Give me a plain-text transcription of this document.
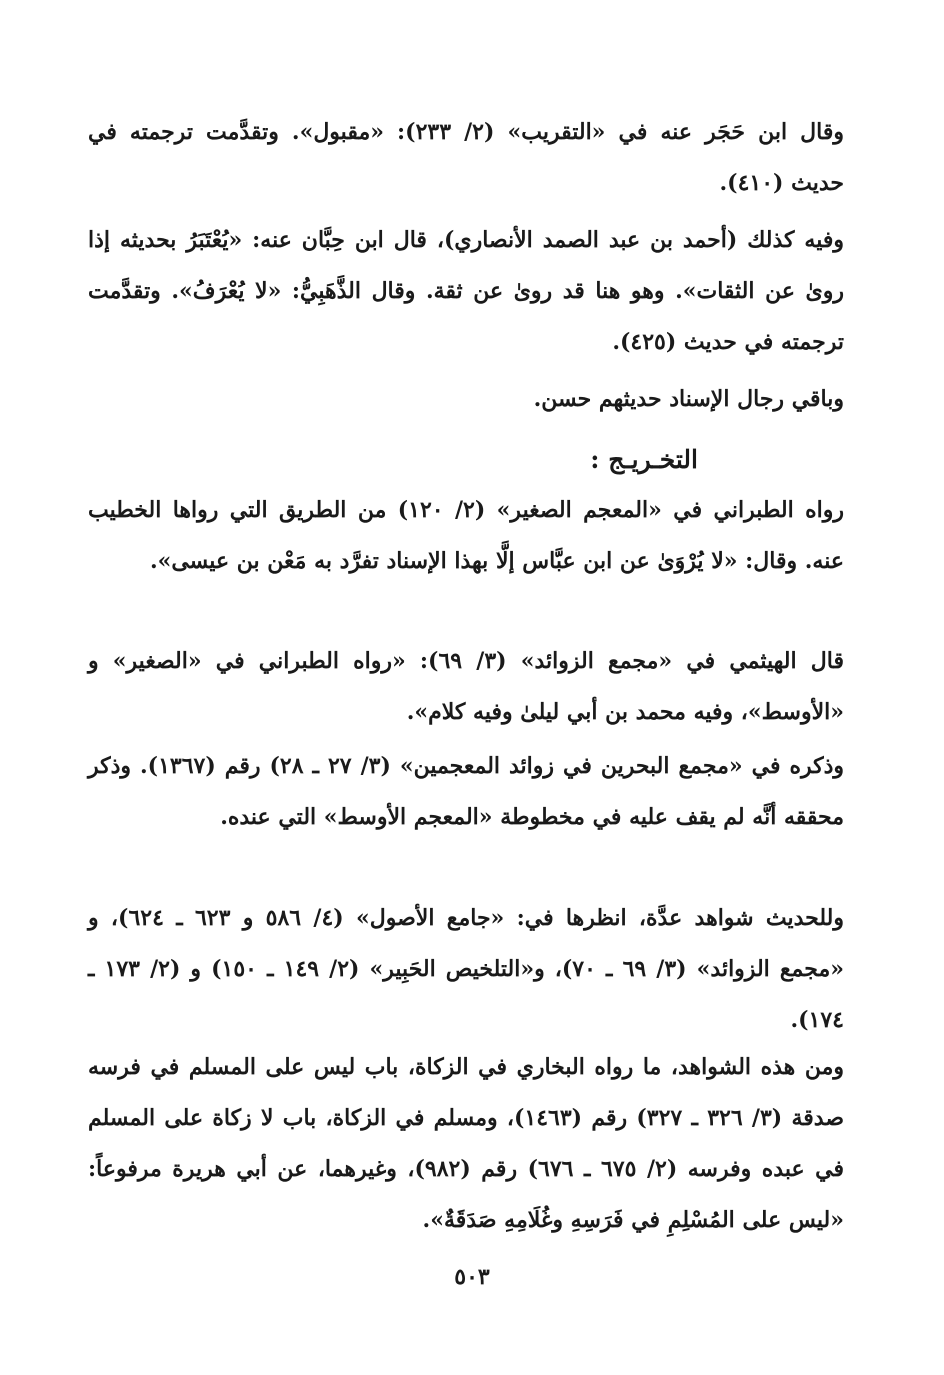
وقال ابن حَجَر عنه في «التقريب» (٢/ ٢٣٣): «مقبول». وتقدَّمت ترجمته في حديث (٤١٠).

وفيه كذلك (أحمد بن عبد الصمد الأنصاري)، قال ابن حِبَّان عنه: «يُعْتَبَرُ بحديثه إذا روىٰ عن الثقات». وهو هنا قد روىٰ عن ثقة. وقال الذَّهَبِيُّ: «لا يُعْرَفُ». وتقدَّمت ترجمته في حديث (٤٢٥).

وباقي رجال الإسناد حديثهم حسن.

التخـريـج :

رواه الطبراني في «المعجم الصغير» (٢/ ١٢٠) من الطريق التي رواها الخطيب عنه. وقال: «لا يُرْوَىٰ عن ابن عبَّاس إلَّا بهذا الإسناد تفرَّد به مَعْن بن عيسى».

قال الهيثمي في «مجمع الزوائد» (٣/ ٦٩): «رواه الطبراني في «الصغير» و «الأوسط»، وفيه محمد بن أبي ليلىٰ وفيه كلام».

وذكره في «مجمع البحرين في زوائد المعجمين» (٣/ ٢٧ ـ ٢٨) رقم (١٣٦٧). وذكر محققه أنَّه لم يقف عليه في مخطوطة «المعجم الأوسط» التي عنده.

وللحديث شواهد عدَّة، انظرها في: «جامع الأصول» (٤/ ٥٨٦ و ٦٢٣ ـ ٦٢٤)، و «مجمع الزوائد» (٣/ ٦٩ ـ ٧٠)، و«التلخيص الحَبِير» (٢/ ١٤٩ ـ ١٥٠) و (٢/ ١٧٣ ـ ١٧٤).

ومن هذه الشواهد، ما رواه البخاري في الزكاة، باب ليس على المسلم في فرسه صدقة (٣/ ٣٢٦ ـ ٣٢٧) رقم (١٤٦٣)، ومسلم في الزكاة، باب لا زكاة على المسلم في عبده وفرسه (٢/ ٦٧٥ ـ ٦٧٦) رقم (٩٨٢)، وغيرهما، عن أبي هريرة مرفوعاً: «ليس على المُسْلِمِ في فَرَسِهِ وغُلَامِهِ صَدَقَةٌ».

٥٠٣
